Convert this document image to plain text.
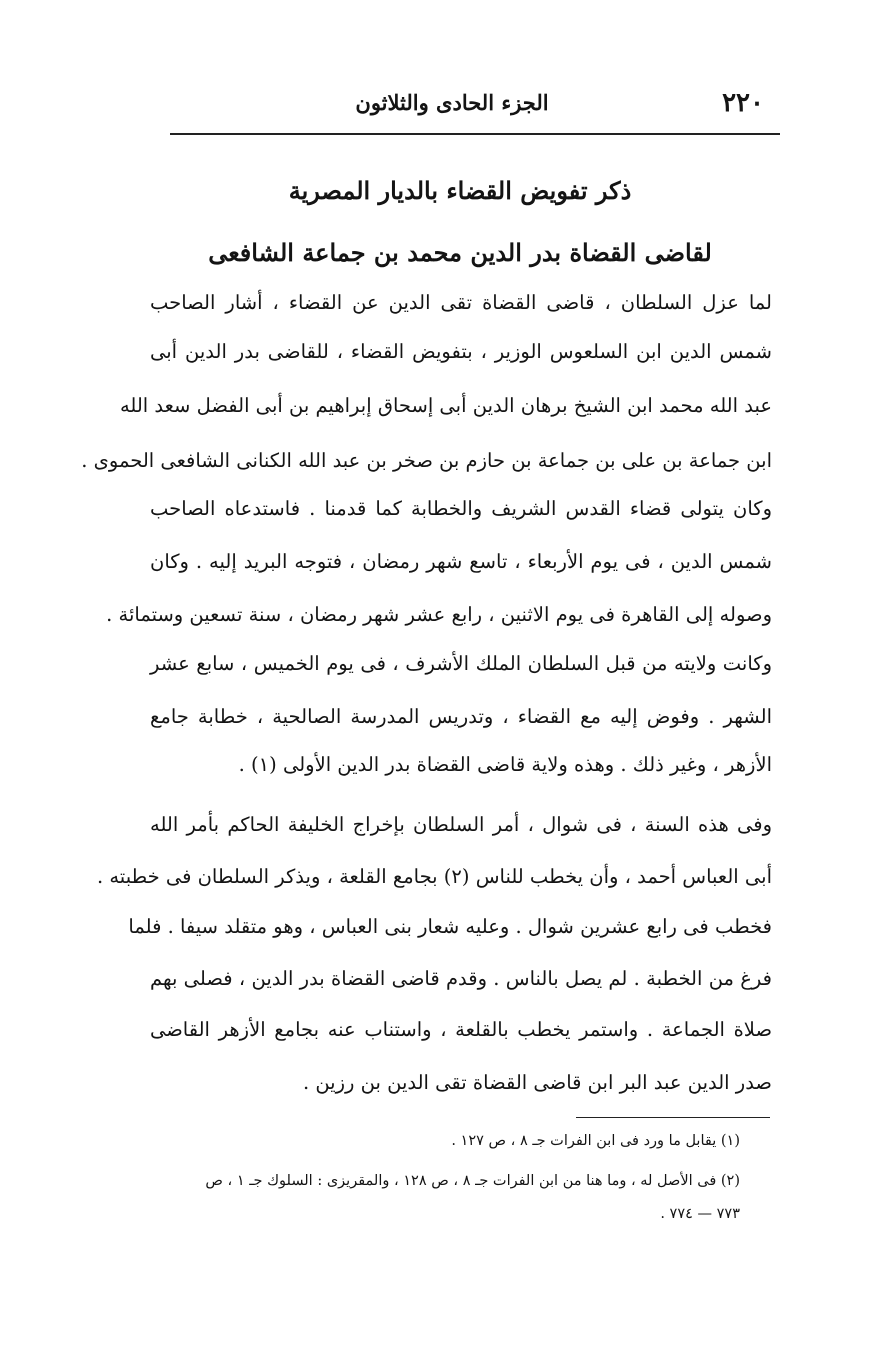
٢٢٠
الجزء الحادى والثلاثون
ذكر تفويض القضاء بالديار المصرية
لقاضى القضاة بدر الدين محمد بن جماعة الشافعى
لما عزل السلطان ، قاضى القضاة تقى الدين عن القضاء ، أشار الصاحب
شمس الدين ابن السلعوس الوزير ، بتفويض القضاء ، للقاضى بدر الدين أبى
عبد الله محمد ابن الشيخ برهان الدين أبى إسحاق إبراهيم بن أبى الفضل سعد الله
ابن جماعة بن على بن جماعة بن حازم بن صخر بن عبد الله الكنانى الشافعى الحموى .
وكان يتولى قضاء القدس الشريف والخطابة كما قدمنا . فاستدعاه الصاحب
شمس الدين ، فى يوم الأربعاء ، تاسع شهر رمضان ، فتوجه البريد إليه . وكان
وصوله إلى القاهرة فى يوم الاثنين ، رابع عشر شهر رمضان ، سنة تسعين وستمائة .
وكانت ولايته من قبل السلطان الملك الأشرف ، فى يوم الخميس ، سابع عشر
الشهر . وفوض إليه مع القضاء ، وتدريس المدرسة الصالحية ، خطابة جامع
الأزهر ، وغير ذلك . وهذه ولاية قاضى القضاة بدر الدين الأولى (١) .
وفى هذه السنة ، فى شوال ، أمر السلطان بإخراج الخليفة الحاكم بأمر الله
أبى العباس أحمد ، وأن يخطب للناس (٢) بجامع القلعة ، ويذكر السلطان فى خطبته .
فخطب فى رابع عشرين شوال . وعليه شعار بنى العباس ، وهو متقلد سيفا . فلما
فرغ من الخطبة . لم يصل بالناس . وقدم قاضى القضاة بدر الدين ، فصلى بهم
صلاة الجماعة . واستمر يخطب بالقلعة ، واستناب عنه بجامع الأزهر القاضى
صدر الدين عبد البر ابن قاضى القضاة تقى الدين بن رزين .
(١) يقابل ما ورد فى ابن الفرات جـ ٨ ، ص ١٢٧ .
(٢) فى الأصل له ، وما هنا من ابن الفرات جـ ٨ ، ص ١٢٨ ، والمقريزى : السلوك جـ ١ ، ص
٧٧٣ — ٧٧٤ .
